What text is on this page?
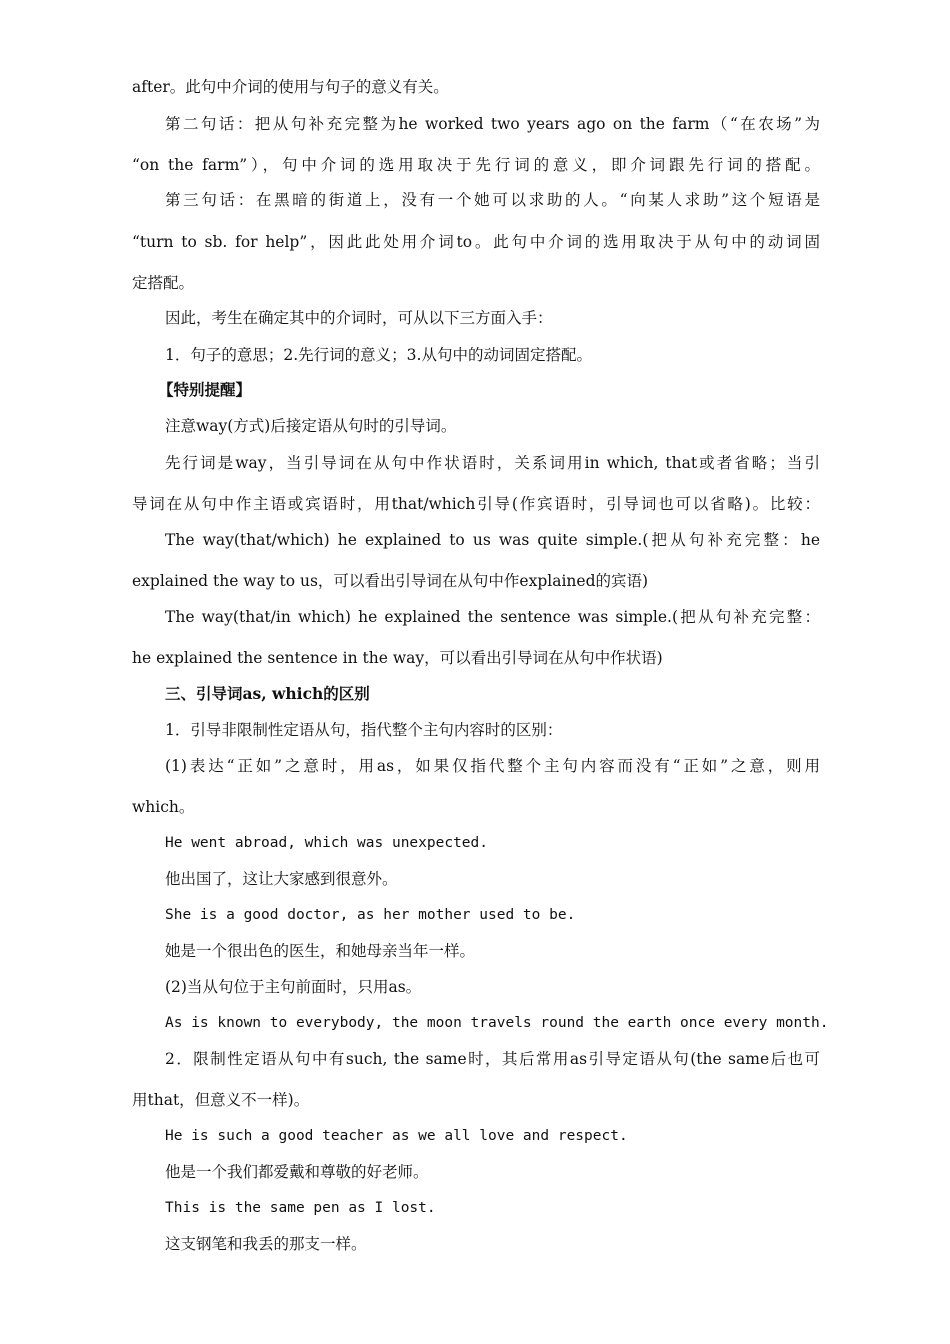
after。此句中介词的使用与句子的意义有关。
第二句话：把从句补充完整为he worked two years ago on the farm（“在农场”为
“on the farm”），句中介词的选用取决于先行词的意义，即介词跟先行词的搭配。
第三句话：在黑暗的街道上，没有一个她可以求助的人。“向某人求助”这个短语是
“turn to sb. for help”，因此此处用介词to。此句中介词的选用取决于从句中的动词固
定搭配。
因此，考生在确定其中的介词时，可从以下三方面入手：
1．句子的意思；2.先行词的意义；3.从句中的动词固定搭配。
【特别提醒】
注意way(方式)后接定语从句时的引导词。
先行词是way，当引导词在从句中作状语时，关系词用in which, that或者省略；当引
导词在从句中作主语或宾语时，用that/which引导(作宾语时，引导词也可以省略)。比较：
The way(that/which) he explained to us was quite simple.(把从句补充完整：he
explained the way to us，可以看出引导词在从句中作explained的宾语)
The way(that/in which) he explained the sentence was simple.(把从句补充完整：
he explained the sentence in the way，可以看出引导词在从句中作状语)
三、引导词as, which的区别
1．引导非限制性定语从句，指代整个主句内容时的区别：
(1)表达“正如”之意时，用as，如果仅指代整个主句内容而没有“正如”之意，则用
which。
He went abroad, which was unexpected.
他出国了，这让大家感到很意外。
She is a good doctor, as her mother used to be.
她是一个很出色的医生，和她母亲当年一样。
(2)当从句位于主句前面时，只用as。
As is known to everybody, the moon travels round the earth once every month.
2．限制性定语从句中有such, the same时，其后常用as引导定语从句(the same后也可
用that，但意义不一样)。
He is such a good teacher as we all love and respect.
他是一个我们都爱戴和尊敬的好老师。
This is the same pen as I lost.
这支钢笔和我丢的那支一样。
